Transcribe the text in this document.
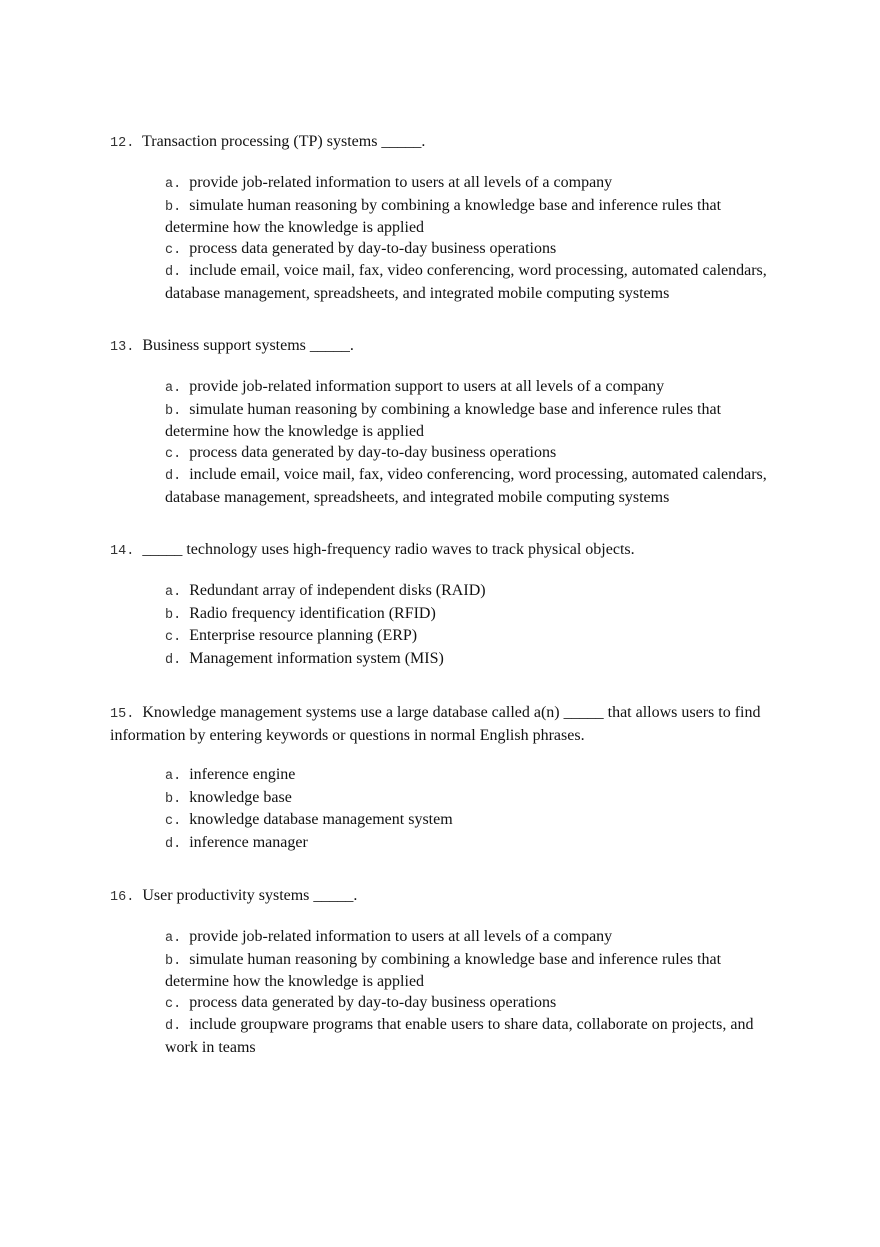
12. Transaction processing (TP) systems _____.

a. provide job-related information to users at all levels of a company
b. simulate human reasoning by combining a knowledge base and inference rules that determine how the knowledge is applied
c. process data generated by day-to-day business operations
d. include email, voice mail, fax, video conferencing, word processing, automated calendars, database management, spreadsheets, and integrated mobile computing systems

13. Business support systems _____.

a. provide job-related information support to users at all levels of a company
b. simulate human reasoning by combining a knowledge base and inference rules that determine how the knowledge is applied
c. process data generated by day-to-day business operations
d. include email, voice mail, fax, video conferencing, word processing, automated calendars, database management, spreadsheets, and integrated mobile computing systems

14. _____ technology uses high-frequency radio waves to track physical objects.

a. Redundant array of independent disks (RAID)
b. Radio frequency identification (RFID)
c. Enterprise resource planning (ERP)
d. Management information system (MIS)

15. Knowledge management systems use a large database called a(n) _____ that allows users to find information by entering keywords or questions in normal English phrases.

a. inference engine
b. knowledge base
c. knowledge database management system
d. inference manager

16. User productivity systems _____.

a. provide job-related information to users at all levels of a company
b. simulate human reasoning by combining a knowledge base and inference rules that determine how the knowledge is applied
c. process data generated by day-to-day business operations
d. include groupware programs that enable users to share data, collaborate on projects, and work in teams
